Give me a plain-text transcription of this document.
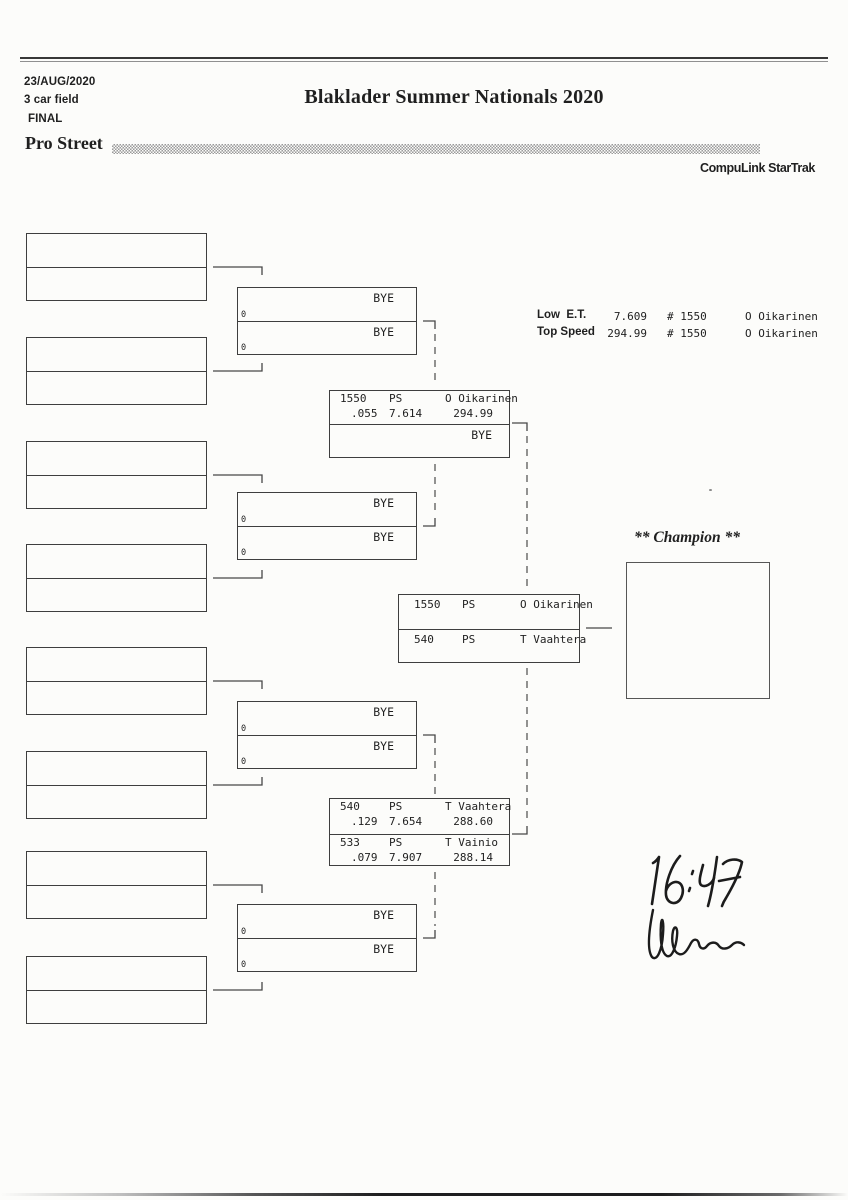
23/AUG/2020
3 car field
FINAL
Blaklader Summer Nationals 2020
Pro Street
CompuLink StarTrak
Low  E.T.	7.609 # 1550	O Oikarinen
Top Speed	294.99 # 1550	O Oikarinen
BYE
0
BYE
0
BYE
0
BYE
0
BYE
0
BYE
0
BYE
0
BYE
0
1550	PS	O Oikarinen
.055	7.614	294.99
BYE
540	PS	T Vaahtera
.129	7.654	288.60
533	PS	T Vainio
.079	7.907	288.14
1550	PS	O Oikarinen
540	PS	T Vaahtera
** Champion **
